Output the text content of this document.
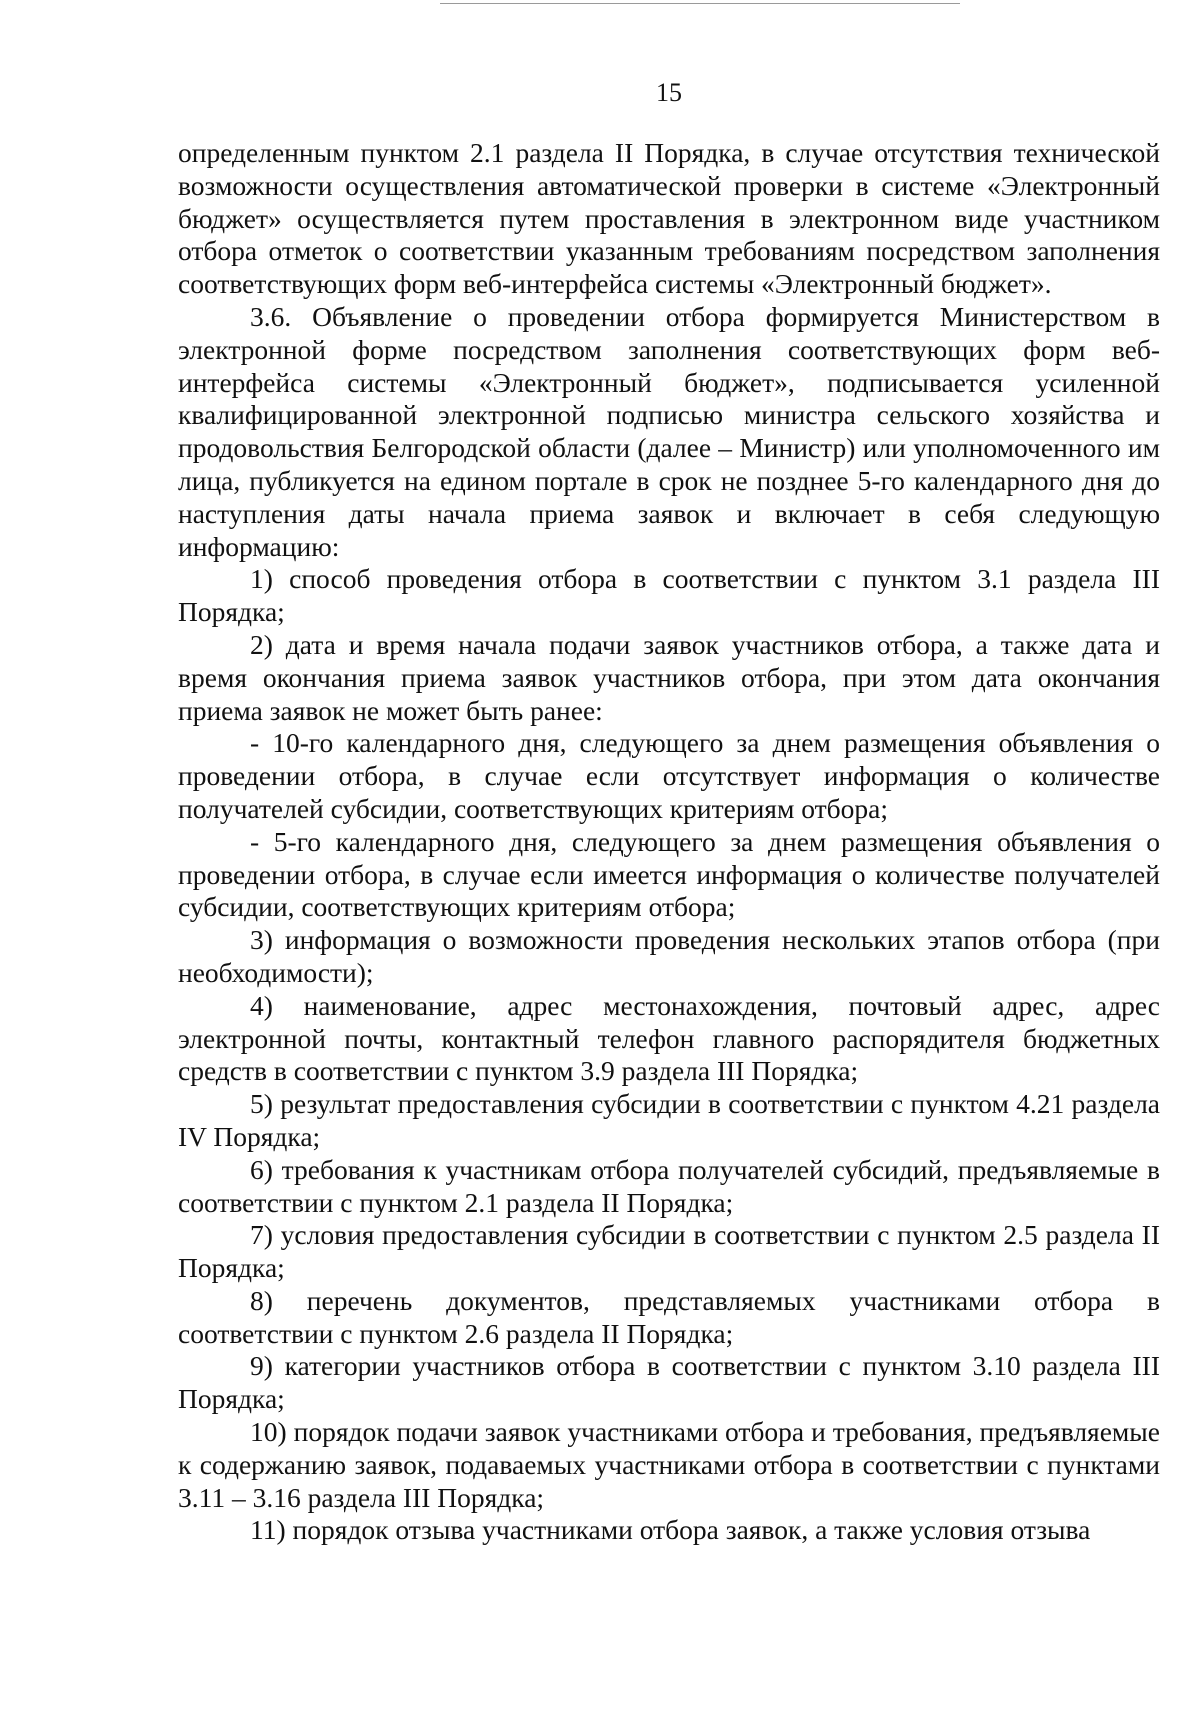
15

определенным пунктом 2.1 раздела II Порядка, в случае отсутствия технической возможности осуществления автоматической проверки в системе «Электронный бюджет» осуществляется путем проставления в электронном виде участником отбора отметок о соответствии указанным требованиям посредством заполнения соответствующих форм веб-интерфейса системы «Электронный бюджет».

3.6. Объявление о проведении отбора формируется Министерством в электронной форме посредством заполнения соответствующих форм веб-интерфейса системы «Электронный бюджет», подписывается усиленной квалифицированной электронной подписью министра сельского хозяйства и продовольствия Белгородской области (далее – Министр) или уполномоченного им лица, публикуется на едином портале в срок не позднее 5-го календарного дня до наступления даты начала приема заявок и включает в себя следующую информацию:

1) способ проведения отбора в соответствии с пунктом 3.1 раздела III Порядка;

2) дата и время начала подачи заявок участников отбора, а также дата и время окончания приема заявок участников отбора, при этом дата окончания приема заявок не может быть ранее:

- 10-го календарного дня, следующего за днем размещения объявления о проведении отбора, в случае если отсутствует информация о количестве получателей субсидии, соответствующих критериям отбора;

- 5-го календарного дня, следующего за днем размещения объявления о проведении отбора, в случае если имеется информация о количестве получателей субсидии, соответствующих критериям отбора;

3) информация о возможности проведения нескольких этапов отбора (при необходимости);

4) наименование, адрес местонахождения, почтовый адрес, адрес электронной почты, контактный телефон главного распорядителя бюджетных средств в соответствии с пунктом 3.9 раздела III Порядка;

5) результат предоставления субсидии в соответствии с пунктом 4.21 раздела IV Порядка;

6) требования к участникам отбора получателей субсидий, предъявляемые в соответствии с пунктом 2.1 раздела II Порядка;

7) условия предоставления субсидии в соответствии с пунктом 2.5 раздела II Порядка;

8) перечень документов, представляемых участниками отбора в соответствии с пунктом 2.6 раздела II Порядка;

9) категории участников отбора в соответствии с пунктом 3.10 раздела III Порядка;

10) порядок подачи заявок участниками отбора и требования, предъявляемые к содержанию заявок, подаваемых участниками отбора в соответствии с пунктами 3.11 – 3.16 раздела III Порядка;

11) порядок отзыва участниками отбора заявок, а также условия отзыва
